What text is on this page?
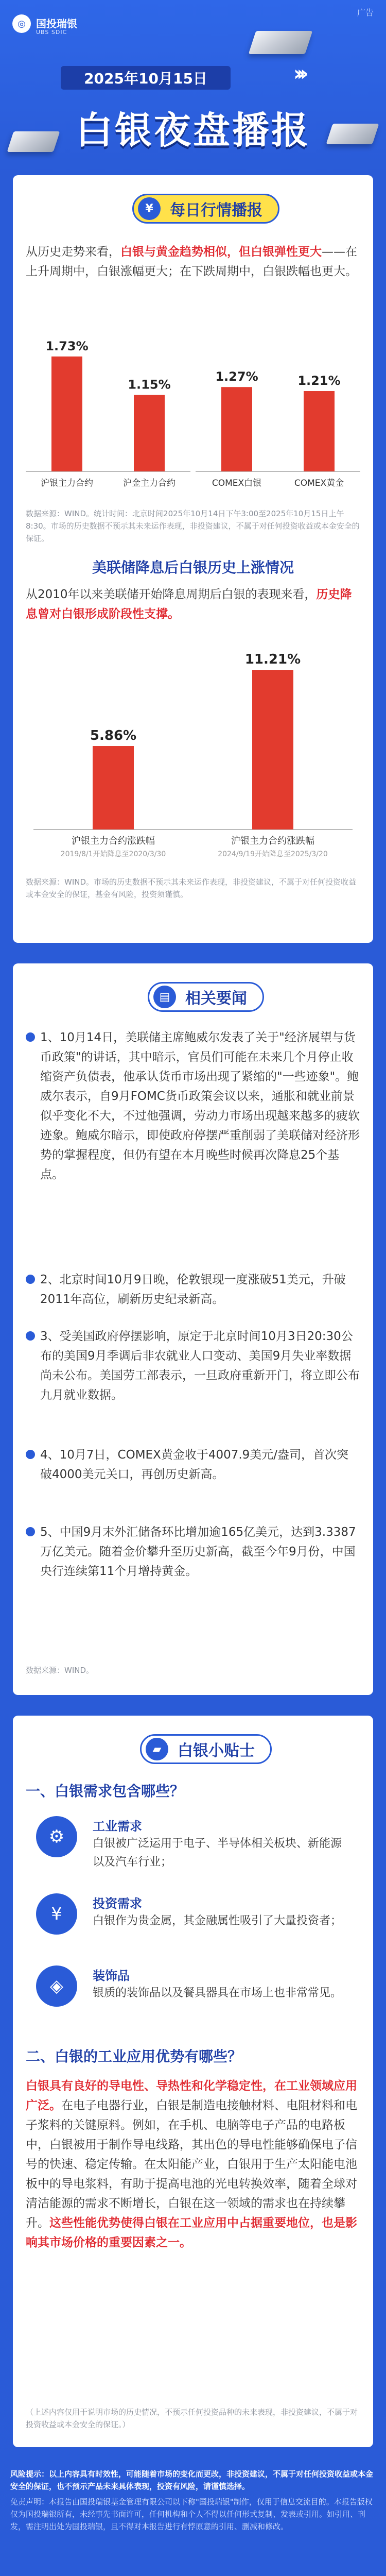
◎	国投瑞银
UBS SDIC
广告
›››
2025年10月15日
白银夜盘播报
¥	每日行情播报
从历史走势来看，白银与黄金趋势相似，但白银弹性更大——在上升周期中，白银涨幅更大；在下跌周期中，白银跌幅也更大。
1.73%
沪银主力合约
1.15%
沪金主力合约
1.27%
COMEX白银
1.21%
COMEX黄金
数据来源：WIND。统计时间：北京时间2025年10月14日下午3:00至2025年10月15日上午8:30。市场的历史数据不预示其未来运作表现，非投资建议，不属于对任何投资收益或本金安全的保证。
美联储降息后白银历史上涨情况
从2010年以来美联储开始降息周期后白银的表现来看，历史降息曾对白银形成阶段性支撑。
5.86%
沪银主力合约涨跌幅
2019/8/1开始降息至2020/3/30
11.21%
沪银主力合约涨跌幅
2024/9/19开始降息至2025/3/20
数据来源：WIND。市场的历史数据不预示其未来运作表现，非投资建议，不属于对任何投资收益或本金安全的保证，基金有风险，投资须谨慎。
▤ 相关要闻
1、10月14日，美联储主席鲍威尔发表了关于"经济展望与货币政策"的讲话，其中暗示，官员们可能在未来几个月停止收缩资产负债表，他承认货币市场出现了紧缩的"一些迹象"。鲍威尔表示，自9月FOMC货币政策会议以来，通胀和就业前景似乎变化不大，不过他强调，劳动力市场出现越来越多的疲软迹象。鲍威尔暗示，即使政府停摆严重削弱了美联储对经济形势的掌握程度，但仍有望在本月晚些时候再次降息25个基点。
2、北京时间10月9日晚，伦敦银现一度涨破51美元，升破2011年高位，刷新历史纪录新高。
3、受美国政府停摆影响，原定于北京时间10月3日20:30公布的美国9月季调后非农就业人口变动、美国9月失业率数据尚未公布。美国劳工部表示，一旦政府重新开门，将立即公布九月就业数据。
4、10月7日，COMEX黄金收于4007.9美元/盎司，首次突破4000美元关口，再创历史新高。
5、中国9月末外汇储备环比增加逾165亿美元，达到3.3387万亿美元。随着金价攀升至历史新高，截至今年9月份，中国央行连续第11个月增持黄金。
数据来源：WIND。
▰	白银小贴士
一、白银需求包含哪些？
⚙	工业需求
白银被广泛运用于电子、半导体相关板块、新能源以及汽车行业；
¥	投资需求
白银作为贵金属，其金融属性吸引了大量投资者；
◈	装饰品
银质的装饰品以及餐具器具在市场上也非常常见。
二、白银的工业应用优势有哪些？
白银具有良好的导电性、导热性和化学稳定性，在工业领域应用广泛。在电子电器行业，白银是制造电接触材料、电阻材料和电子浆料的关键原料。例如，在手机、电脑等电子产品的电路板中，白银被用于制作导电线路，其出色的导电性能够确保电子信号的快速、稳定传输。在太阳能产业，白银用于生产太阳能电池板中的导电浆料，有助于提高电池的光电转换效率，随着全球对清洁能源的需求不断增长，白银在这一领域的需求也在持续攀升。这些性能优势使得白银在工业应用中占据重要地位，也是影响其市场价格的重要因素之一。
（上述内容仅用于说明市场的历史情况，不预示任何投资品种的未来表现，非投资建议，不属于对投资收益或本金安全的保证。）
风险提示：以上内容具有时效性，可能随着市场的变化而更改，非投资建议，不属于对任何投资收益或本金安全的保证，也不预示产品未来具体表现，投资有风险，请谨慎选择。
免责声明：本报告由国投瑞银基金管理有限公司以下称"国投瑞银"制作，仅用于信息交流目的。本报告版权仅为国投瑞银所有，未经事先书面许可，任何机构和个人不得以任何形式复制、发表或引用。如引用、刊发，需注明出处为国投瑞银，且不得对本报告进行有悖原意的引用、删减和修改。
